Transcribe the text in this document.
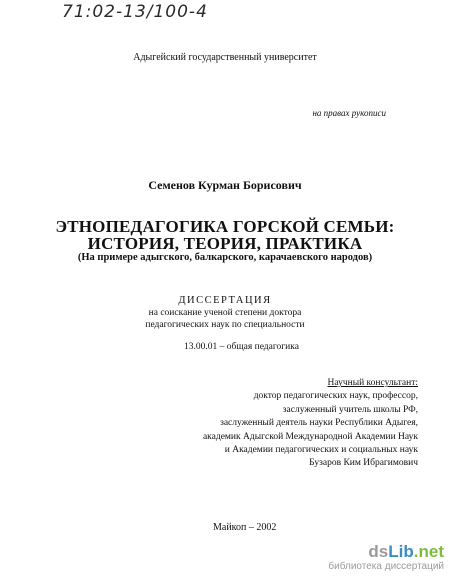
71:02-13/100-4
Адыгейский государственный университет
на правах рукописи
Семенов Курман Борисович
ЭТНОПЕДАГОГИКА ГОРСКОЙ СЕМЬИ:
ИСТОРИЯ, ТЕОРИЯ, ПРАКТИКА
(На примере адыгского, балкарского, карачаевского народов)
ДИССЕРТАЦИЯ
на соискание ученой степени доктора
педагогических наук по специальности
13.00.01 – общая педагогика
Научный консультант:
доктор педагогических наук, профессор,
заслуженный учитель школы РФ,
заслуженный деятель науки Республики Адыгея,
академик Адыгской Международной Академии Наук
и Академии педагогических и социальных наук
Бузаров Ким Ибрагимович
Майкоп – 2002
dsLib.net
библиотека диссертаций
